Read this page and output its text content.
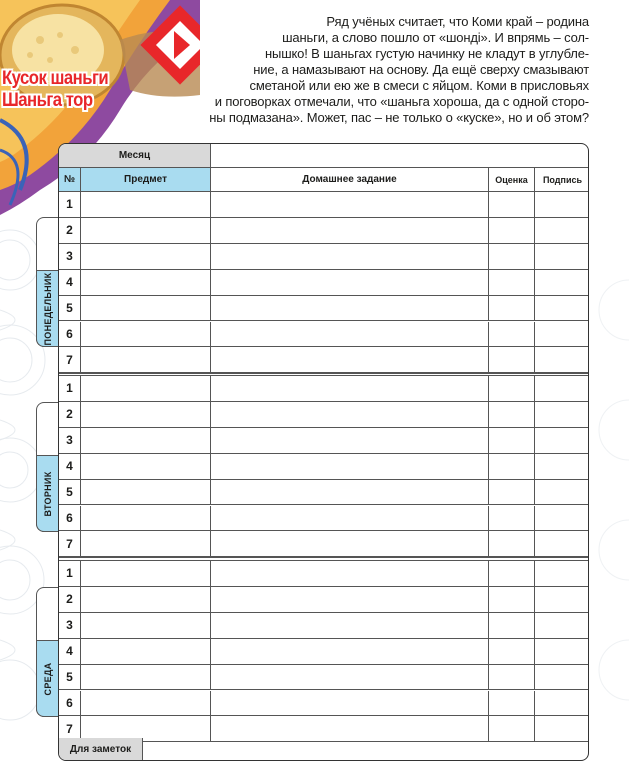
Кусок шаньги
Шаньга тор

Ряд учёных считает, что Коми край – родина

шаньги, а слово пошло от «шонді». И впрямь – сол-

нышко! В шаньгах густую начинку не кладут в углубле-

ние, а намазывают на основу. Да ещё сверху смазывают

сметаной или ею же в смеси с яйцом. Коми в присловьях

и поговорках отмечали, что «шаньга хороша, да с одной сторо-

ны подмазана». Может, пас – не только о «куске», но и об этом?

ПОНЕДЕЛЬНИК
ВТОРНИК
СРЕДА
Месяц
№	Предмет	Домашнее задание	Оценка	Подпись
1
2
3
4
5
6
7
1
2
3
4
5
6
7
1
2
3
4
5
6
7
Для заметок
